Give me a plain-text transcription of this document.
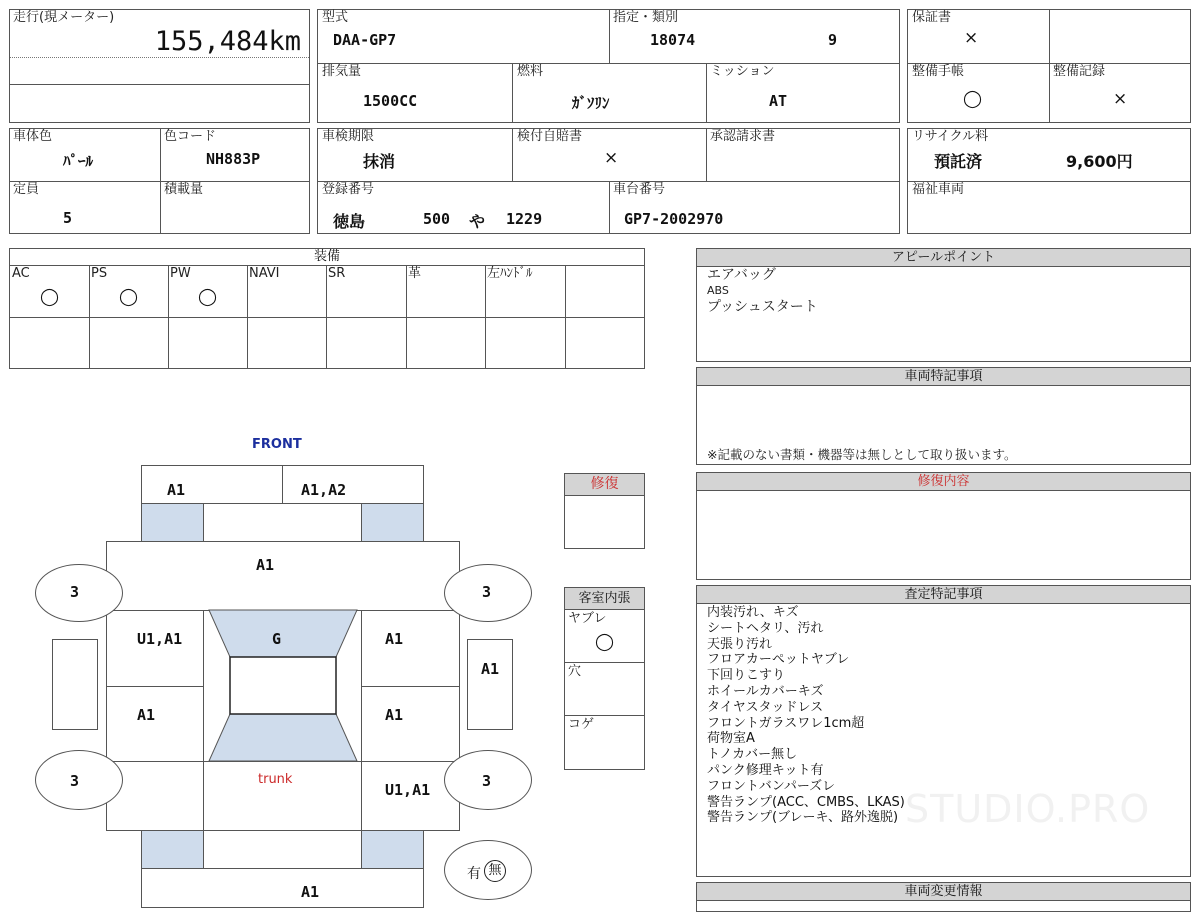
走行(現メーター)
155,484km
型式
DAA-GP7
指定・類別
18074	9
排気量
1500CC
燃料
ｶﾞｿﾘﾝ
ミッション
AT
保証書
×
整備手帳
◯
整備記録
×
車体色
ﾊﾟｰﾙ
色コード
NH883P
定員
5
積載量
車検期限
抹消
検付自賠書
×
承認請求書
登録番号
徳島	500 や 1229
車台番号
GP7-2002970
リサイクル料
預託済	9,600円
福祉車両
装備
AC
◯
PS
◯
PW
◯
NAVI	SR	革	左ﾊﾝﾄﾞﾙ
アピールポイント
エアバッグ
ABS
プッシュスタート
車両特記事項
※記載のない書類・機器等は無しとして取り扱います。
修復内容
査定特記事項
内装汚れ、キズ
シートヘタリ、汚れ
天張り汚れ
フロアカーペットヤブレ
下回りこすり
ホイールカバーキズ
タイヤスタッドレス
フロントガラスワレ1cm超
荷物室A
トノカバー無し
パンク修理キット有
フロントバンパーズレ
警告ランプ(ACC、CMBS、LKAS)
警告ランプ(ブレーキ、路外逸脱)
車両変更情報
STUDIO.PRO
修復
客室内張
ヤブレ
◯
穴
コゲ
FRONT
A1	A1,A2
A1
U1,A1
A1
trunk
A1
A1
U1,A1
G
A1
3	3
3	3
A1
有 無
